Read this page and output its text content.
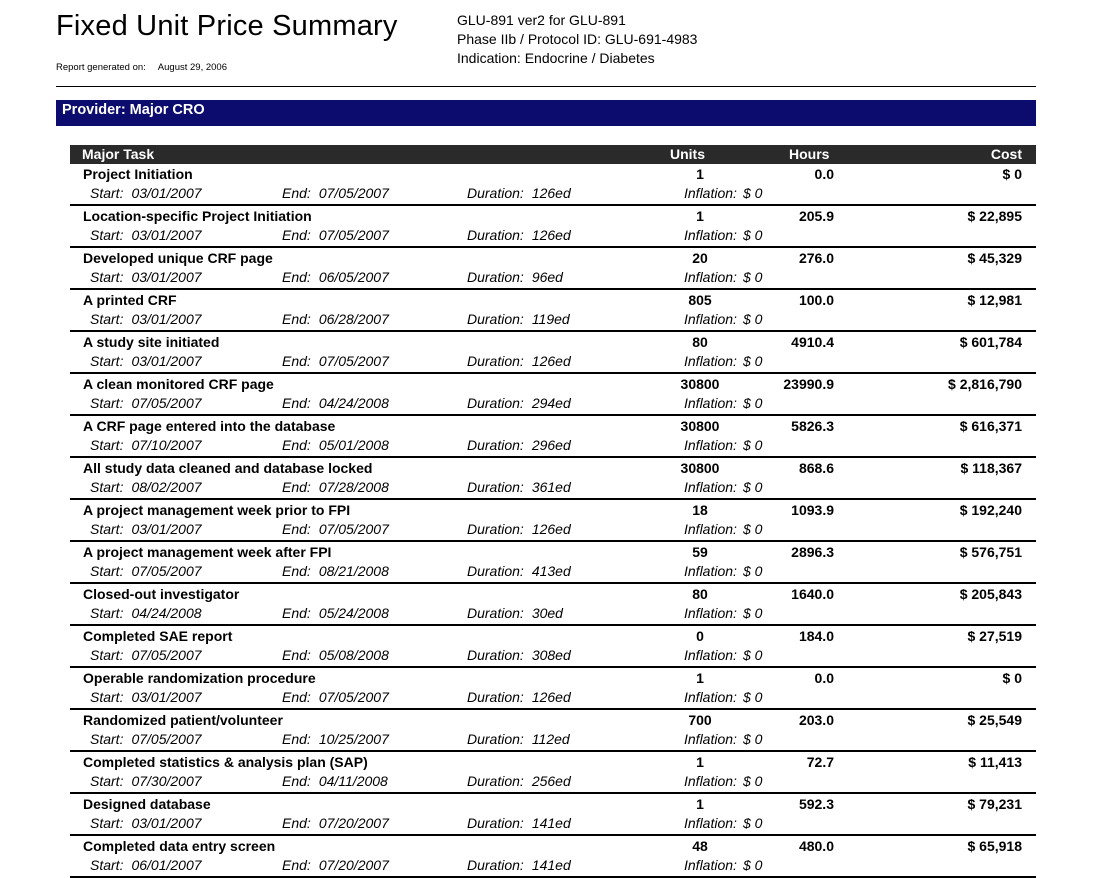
Fixed Unit Price Summary
Report generated on: August 29, 2006
GLU-891 ver2 for GLU-891
Phase IIb / Protocol ID: GLU-691-4983
Indication: Endocrine / Diabetes
Provider: Major CRO
Major Task	Units	Hours	Cost
Project Initiation	1	0.0	$ 0
Start: 03/01/2007	End: 07/05/2007	Duration: 126ed	Inflation: $ 0
Location-specific Project Initiation	1	205.9	$ 22,895
Start: 03/01/2007	End: 07/05/2007	Duration: 126ed	Inflation: $ 0
Developed unique CRF page	20	276.0	$ 45,329
Start: 03/01/2007	End: 06/05/2007	Duration: 96ed	Inflation: $ 0
A printed CRF	805	100.0	$ 12,981
Start: 03/01/2007	End: 06/28/2007	Duration: 119ed	Inflation: $ 0
A study site initiated	80	4910.4	$ 601,784
Start: 03/01/2007	End: 07/05/2007	Duration: 126ed	Inflation: $ 0
A clean monitored CRF page	30800	23990.9	$ 2,816,790
Start: 07/05/2007	End: 04/24/2008	Duration: 294ed	Inflation: $ 0
A CRF page entered into the database	30800	5826.3	$ 616,371
Start: 07/10/2007	End: 05/01/2008	Duration: 296ed	Inflation: $ 0
All study data cleaned and database locked	30800	868.6	$ 118,367
Start: 08/02/2007	End: 07/28/2008	Duration: 361ed	Inflation: $ 0
A project management week prior to FPI	18	1093.9	$ 192,240
Start: 03/01/2007	End: 07/05/2007	Duration: 126ed	Inflation: $ 0
A project management week after FPI	59	2896.3	$ 576,751
Start: 07/05/2007	End: 08/21/2008	Duration: 413ed	Inflation: $ 0
Closed-out investigator	80	1640.0	$ 205,843
Start: 04/24/2008	End: 05/24/2008	Duration: 30ed	Inflation: $ 0
Completed SAE report	0	184.0	$ 27,519
Start: 07/05/2007	End: 05/08/2008	Duration: 308ed	Inflation: $ 0
Operable randomization procedure	1	0.0	$ 0
Start: 03/01/2007	End: 07/05/2007	Duration: 126ed	Inflation: $ 0
Randomized patient/volunteer	700	203.0	$ 25,549
Start: 07/05/2007	End: 10/25/2007	Duration: 112ed	Inflation: $ 0
Completed statistics & analysis plan (SAP)	1	72.7	$ 11,413
Start: 07/30/2007	End: 04/11/2008	Duration: 256ed	Inflation: $ 0
Designed database	1	592.3	$ 79,231
Start: 03/01/2007	End: 07/20/2007	Duration: 141ed	Inflation: $ 0
Completed data entry screen	48	480.0	$ 65,918
Start: 06/01/2007	End: 07/20/2007	Duration: 141ed	Inflation: $ 0
